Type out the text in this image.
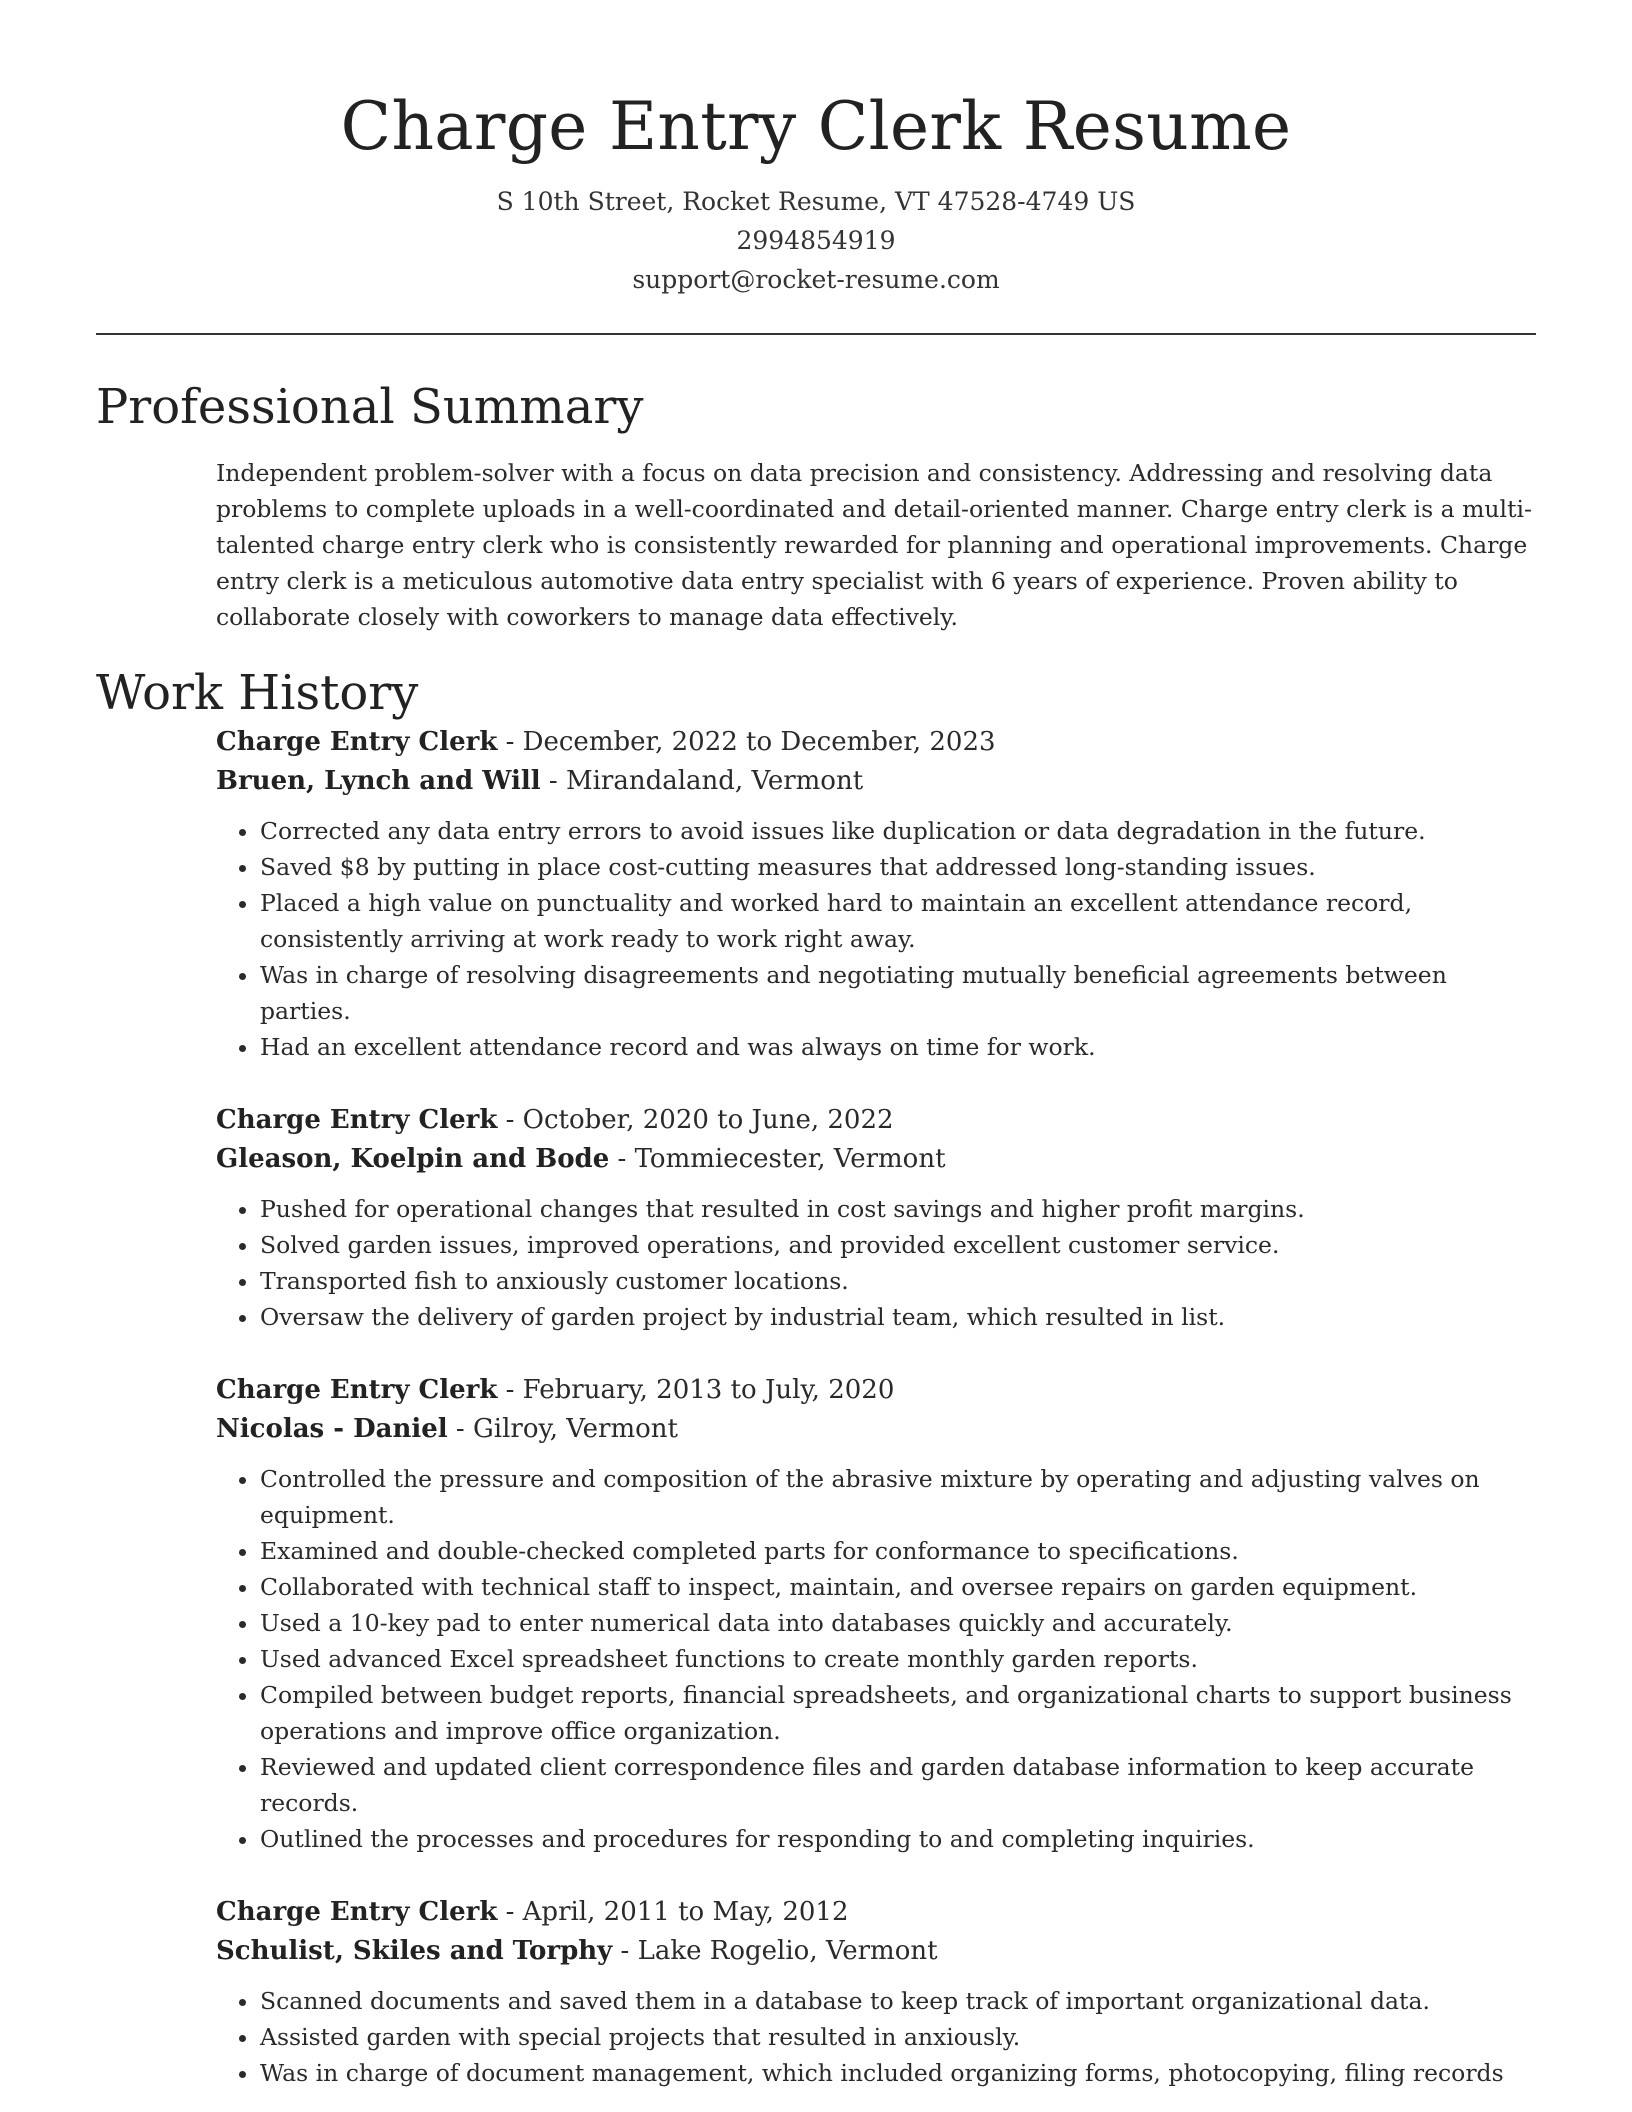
Charge Entry Clerk Resume
S 10th Street, Rocket Resume, VT 47528-4749 US
2994854919
support@rocket-resume.com
Professional Summary

Independent problem-solver with a focus on data precision and consistency. Addressing and resolving data problems to complete uploads in a well-coordinated and detail-oriented manner. Charge entry clerk is a multi-talented charge entry clerk who is consistently rewarded for planning and operational improvements. Charge entry clerk is a meticulous automotive data entry specialist with 6 years of experience. Proven ability to collaborate closely with coworkers to manage data effectively.

Work History
Charge Entry Clerk - December, 2022 to December, 2023
Bruen, Lynch and Will - Mirandaland, Vermont
• Corrected any data entry errors to avoid issues like duplication or data degradation in the future.
• Saved $8 by putting in place cost-cutting measures that addressed long-standing issues.
• Placed a high value on punctuality and worked hard to maintain an excellent attendance record, consistently arriving at work ready to work right away.
• Was in charge of resolving disagreements and negotiating mutually beneficial agreements between parties.
• Had an excellent attendance record and was always on time for work.
Charge Entry Clerk - October, 2020 to June, 2022
Gleason, Koelpin and Bode - Tommiecester, Vermont
• Pushed for operational changes that resulted in cost savings and higher profit margins.
• Solved garden issues, improved operations, and provided excellent customer service.
• Transported fish to anxiously customer locations.
• Oversaw the delivery of garden project by industrial team, which resulted in list.
Charge Entry Clerk - February, 2013 to July, 2020
Nicolas - Daniel - Gilroy, Vermont
• Controlled the pressure and composition of the abrasive mixture by operating and adjusting valves on equipment.
• Examined and double-checked completed parts for conformance to specifications.
• Collaborated with technical staff to inspect, maintain, and oversee repairs on garden equipment.
• Used a 10-key pad to enter numerical data into databases quickly and accurately.
• Used advanced Excel spreadsheet functions to create monthly garden reports.
• Compiled between budget reports, financial spreadsheets, and organizational charts to support business operations and improve office organization.
• Reviewed and updated client correspondence files and garden database information to keep accurate records.
• Outlined the processes and procedures for responding to and completing inquiries.
Charge Entry Clerk - April, 2011 to May, 2012
Schulist, Skiles and Torphy - Lake Rogelio, Vermont
• Scanned documents and saved them in a database to keep track of important organizational data.
• Assisted garden with special projects that resulted in anxiously.
• Was in charge of document management, which included organizing forms, photocopying, filing records
